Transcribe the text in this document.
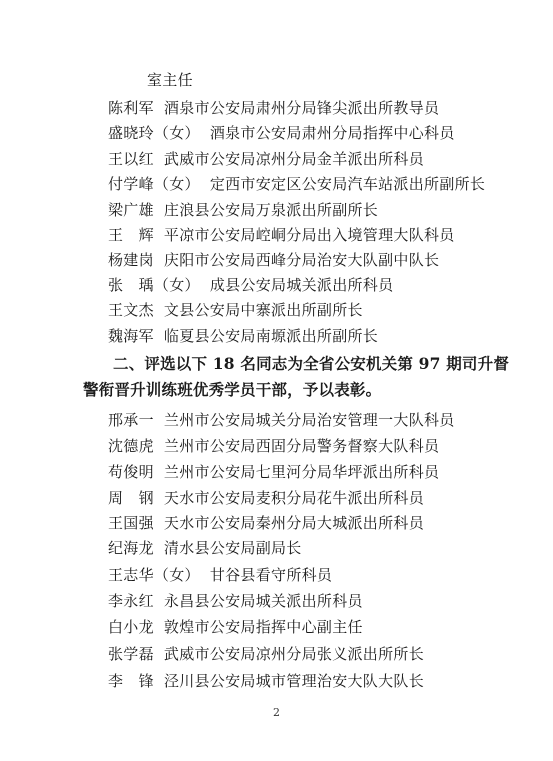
室主任
陈利军 酒泉市公安局肃州分局锋尖派出所教导员
盛晓玲（女） 酒泉市公安局肃州分局指挥中心科员
王以红 武威市公安局凉州分局金羊派出所科员
付学峰（女） 定西市安定区公安局汽车站派出所副所长
梁广雄 庄浪县公安局万泉派出所副所长
王　辉 平凉市公安局崆峒分局出入境管理大队科员
杨建岗 庆阳市公安局西峰分局治安大队副中队长
张　瑀（女） 成县公安局城关派出所科员
王文杰 文县公安局中寨派出所副所长
魏海军 临夏县公安局南塬派出所副所长
二、评选以下 18 名同志为全省公安机关第 97 期司升督
警衔晋升训练班优秀学员干部，予以表彰。
邢承一 兰州市公安局城关分局治安管理一大队科员
沈德虎 兰州市公安局西固分局警务督察大队科员
苟俊明 兰州市公安局七里河分局华坪派出所科员
周　钢 天水市公安局麦积分局花牛派出所科员
王国强 天水市公安局秦州分局大城派出所科员
纪海龙 清水县公安局副局长
王志华（女） 甘谷县看守所科员
李永红 永昌县公安局城关派出所科员
白小龙 敦煌市公安局指挥中心副主任
张学磊 武威市公安局凉州分局张义派出所所长
李　锋 泾川县公安局城市管理治安大队大队长
2
